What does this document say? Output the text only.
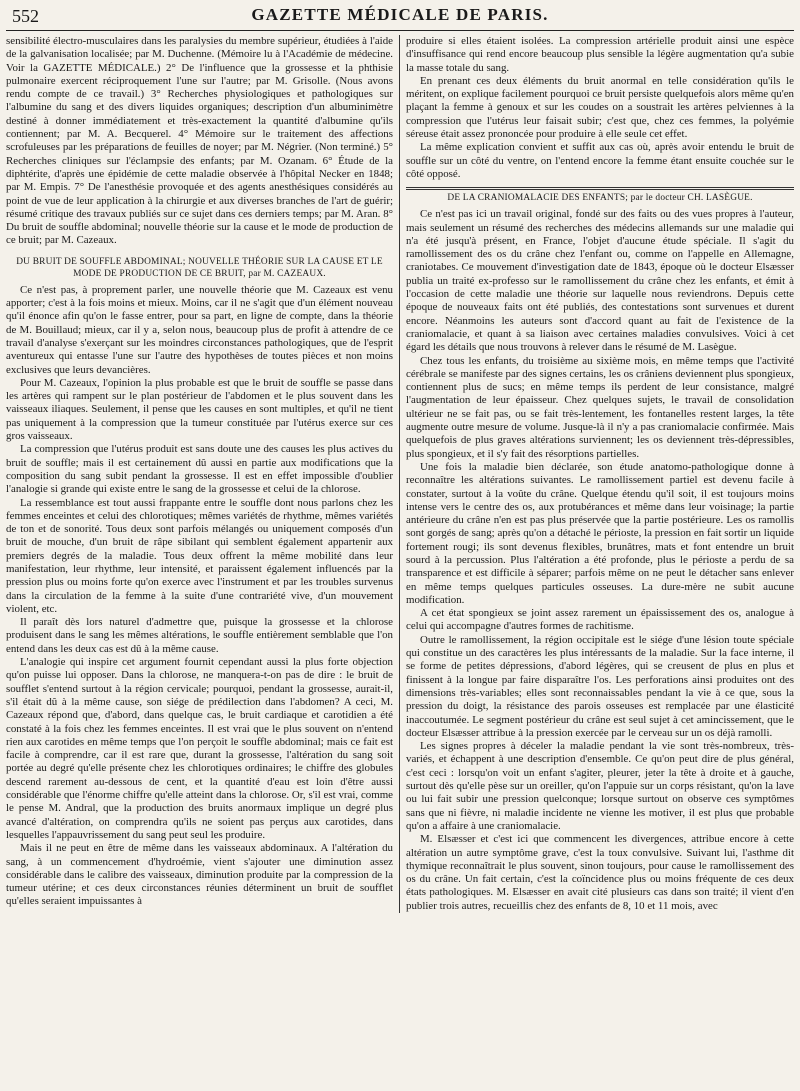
552	GAZETTE MÉDICALE DE PARIS.

sensibilité électro-musculaires dans les paralysies du membre supérieur, étudiées à l'aide de la galvanisation localisée; par M. Duchenne. (Mémoire lu à l'Académie de médecine. Voir la GAZETTE MÉDICALE.) 2° De l'influence que la grossesse et la phthisie pulmonaire exercent réciproquement l'une sur l'autre; par M. Grisolle. (Nous avons rendu compte de ce travail.) 3° Recherches physiologiques et pathologiques sur l'albumine du sang et des divers liquides organiques; description d'un albuminimètre destiné à donner immédiatement et très-exactement la quantité d'albumine qu'ils contiennent; par M. A. Becquerel. 4° Mémoire sur le traitement des affections scrofuleuses par les préparations de feuilles de noyer; par M. Négrier. (Non terminé.) 5° Recherches cliniques sur l'éclampsie des enfants; par M. Ozanam. 6° Étude de la diphtérite, d'après une épidémie de cette maladie observée à l'hôpital Necker en 1848; par M. Empis. 7° De l'anesthésie provoquée et des agents anesthésiques considérés au point de vue de leur application à la chirurgie et aux diverses branches de l'art de guérir; résumé critique des travaux publiés sur ce sujet dans ces derniers temps; par M. Aran. 8° Du bruit de souffle abdominal; nouvelle théorie sur la cause et le mode de production de ce bruit; par M. Cazeaux.

DU BRUIT DE SOUFFLE ABDOMINAL; NOUVELLE THÉORIE SUR LA CAUSE ET LE MODE DE PRODUCTION DE CE BRUIT, par M. CAZEAUX.

Ce n'est pas, à proprement parler, une nouvelle théorie que M. Cazeaux est venu apporter; c'est à la fois moins et mieux. Moins, car il ne s'agit que d'un élément nouveau qu'il énonce afin qu'on le fasse entrer, pour sa part, en ligne de compte, dans la théorie de M. Bouillaud; mieux, car il y a, selon nous, beaucoup plus de profit à attendre de ce travail d'analyse s'exerçant sur les moindres circonstances pathologiques, que de l'esprit aventureux qui entasse l'une sur l'autre des hypothèses de toutes pièces et non moins exclusives que leurs devancières.

Pour M. Cazeaux, l'opinion la plus probable est que le bruit de souffle se passe dans les artères qui rampent sur le plan postérieur de l'abdomen et le plus souvent dans les vaisseaux iliaques. Seulement, il pense que les causes en sont multiples, et qu'il ne tient pas uniquement à la compression que la tumeur constituée par l'utérus exerce sur ces gros vaisseaux.

La compression que l'utérus produit est sans doute une des causes les plus actives du bruit de souffle; mais il est certainement dû aussi en partie aux modifications que la composition du sang subit pendant la grossesse. Il est en effet impossible d'oublier l'analogie si grande qui existe entre le sang de la grossesse et celui de la chlorose.

La ressemblance est tout aussi frappante entre le souffle dont nous parlons chez les femmes enceintes et celui des chlorotiques; mêmes variétés de rhythme, mêmes variétés de ton et de sonorité. Tous deux sont parfois mélangés ou uniquement composés d'un bruit de mouche, d'un bruit de râpe sibilant qui semblent également appartenir aux premiers degrés de la maladie. Tous deux offrent la même mobilité dans leur manifestation, leur rhythme, leur intensité, et paraissent également influencés par la pression plus ou moins forte qu'on exerce avec l'instrument et par les troubles survenus dans la circulation de la femme à la suite d'une contrariété vive, d'un mouvement violent, etc.

Il paraît dès lors naturel d'admettre que, puisque la grossesse et la chlorose produisent dans le sang les mêmes altérations, le souffle entièrement semblable que l'on entend dans les deux cas est dû à la même cause.

L'analogie qui inspire cet argument fournit cependant aussi la plus forte objection qu'on puisse lui opposer. Dans la chlorose, ne manquera-t-on pas de dire : le bruit de soufflet s'entend surtout à la région cervicale; pourquoi, pendant la grossesse, aurait-il, s'il était dû à la même cause, son siége de prédilection dans l'abdomen? A ceci, M. Cazeaux répond que, d'abord, dans quelque cas, le bruit cardiaque et carotidien a été constaté à la fois chez les femmes enceintes. Il est vrai que le plus souvent on n'entend rien aux carotides en même temps que l'on perçoit le souffle abdominal; mais ce fait est facile à comprendre, car il est rare que, durant la grossesse, l'altération du sang soit portée au degré qu'elle présente chez les chlorotiques ordinaires; le chiffre des globules descend rarement au-dessous de cent, et la quantité d'eau est loin d'être aussi considérable que l'énorme chiffre qu'elle atteint dans la chlorose. Or, s'il est vrai, comme le pense M. Andral, que la production des bruits anormaux implique un degré plus avancé d'altération, on comprendra qu'ils ne soient pas perçus aux carotides, dans lesquelles l'appauvrissement du sang peut seul les produire.

Mais il ne peut en être de même dans les vaisseaux abdominaux. A l'altération du sang, à un commencement d'hydroémie, vient s'ajouter une diminution assez considérable dans le calibre des vaisseaux, diminution produite par la compression de la tumeur utérine; et ces deux circonstances réunies déterminent un bruit de soufflet qu'elles seraient impuissantes à

produire si elles étaient isolées. La compression artérielle produit ainsi une espèce d'insuffisance qui rend encore beaucoup plus sensible la légère augmentation qu'a subie la masse totale du sang.

En prenant ces deux éléments du bruit anormal en telle considération qu'ils le méritent, on explique facilement pourquoi ce bruit persiste quelquefois alors même qu'en plaçant la femme à genoux et sur les coudes on a soustrait les artères pelviennes à la compression que l'utérus leur faisait subir; c'est que, chez ces femmes, la polyémie séreuse était assez prononcée pour produire à elle seule cet effet.

La même explication convient et suffit aux cas où, après avoir entendu le bruit de souffle sur un côté du ventre, on l'entend encore la femme étant ensuite couchée sur le côté opposé.

DE LA CRANIOMALACIE DES ENFANTS; par le docteur CH. LASÈGUE.

Ce n'est pas ici un travail original, fondé sur des faits ou des vues propres à l'auteur, mais seulement un résumé des recherches des médecins allemands sur une maladie qui n'a été jusqu'à présent, en France, l'objet d'aucune étude spéciale. Il s'agit du ramollissement des os du crâne chez l'enfant ou, comme on l'appelle en Allemagne, craniotabes. Ce mouvement d'investigation date de 1843, époque où le docteur Elsæsser publia un traité ex-professo sur le ramollissement du crâne chez les enfants, et émit à l'occasion de cette maladie une théorie sur laquelle nous reviendrons. Depuis cette époque de nouveaux faits ont été publiés, des contestations sont survenues et durent encore. Néanmoins les auteurs sont d'accord quant au fait de l'existence de la craniomalacie, et quant à sa liaison avec certaines maladies convulsives. Voici à cet égard les détails que nous trouvons à relever dans le résumé de M. Lasègue.

Chez tous les enfants, du troisième au sixième mois, en même temps que l'activité cérébrale se manifeste par des signes certains, les os crâniens deviennent plus spongieux, contiennent plus de sucs; en même temps ils perdent de leur consistance, malgré l'augmentation de leur épaisseur. Chez quelques sujets, le travail de consolidation ultérieur ne se fait pas, ou se fait très-lentement, les fontanelles restent larges, la tête augmente outre mesure de volume. Jusque-là il n'y a pas craniomalacie confirmée. Mais quelquefois de plus graves altérations surviennent; les os deviennent très-dépressibles, plus spongieux, et il s'y fait des résorptions partielles.

Une fois la maladie bien déclarée, son étude anatomo-pathologique donne à reconnaître les altérations suivantes. Le ramollissement partiel est devenu facile à constater, surtout à la voûte du crâne. Quelque étendu qu'il soit, il est toujours moins intense vers le centre des os, aux protubérances et même dans leur voisinage; la partie antérieure du crâne n'en est pas plus préservée que la partie postérieure. Les os ramollis sont gorgés de sang; après qu'on a détaché le périoste, la pression en fait sortir un liquide fortement rougi; ils sont devenus flexibles, brunâtres, mats et font entendre un bruit sourd à la percussion. Plus l'altération a été profonde, plus le périoste a perdu de sa transparence et est difficile à séparer; parfois même on ne peut le détacher sans enlever en même temps quelques particules osseuses. La dure-mère ne subit aucune modification.

A cet état spongieux se joint assez rarement un épaississement des os, analogue à celui qui accompagne d'autres formes de rachitisme.

Outre le ramollissement, la région occipitale est le siége d'une lésion toute spéciale qui constitue un des caractères les plus intéressants de la maladie. Sur la face interne, il se forme de petites dépressions, d'abord légères, qui se creusent de plus en plus et finissent à la longue par faire disparaître l'os. Les perforations ainsi produites ont des dimensions très-variables; elles sont reconnaissables pendant la vie à ce que, sous la pression du doigt, la résistance des parois osseuses est remplacée par une élasticité inaccoutumée. Le segment postérieur du crâne est seul sujet à cet amincissement, que le docteur Elsæsser attribue à la pression exercée par le cerveau sur un os déjà ramolli.

Les signes propres à déceler la maladie pendant la vie sont très-nombreux, très-variés, et échappent à une description d'ensemble. Ce qu'on peut dire de plus général, c'est ceci : lorsqu'on voit un enfant s'agiter, pleurer, jeter la tête à droite et à gauche, surtout dès qu'elle pèse sur un oreiller, qu'on l'appuie sur un corps résistant, qu'on la lave ou lui fait subir une pression quelconque; lorsque surtout on observe ces symptômes sans que ni fièvre, ni maladie incidente ne vienne les motiver, il est plus que probable qu'on a affaire à une craniomalacie.

M. Elsæsser et c'est ici que commencent les divergences, attribue encore à cette altération un autre symptôme grave, c'est la toux convulsive. Suivant lui, l'asthme dit thymique reconnaîtrait le plus souvent, sinon toujours, pour cause le ramollissement des os du crâne. Un fait certain, c'est la coïncidence plus ou moins fréquente de ces deux états pathologiques. M. Elsæsser en avait cité plusieurs cas dans son traité; il vient d'en publier trois autres, recueillis chez des enfants de 8, 10 et 11 mois, avec
